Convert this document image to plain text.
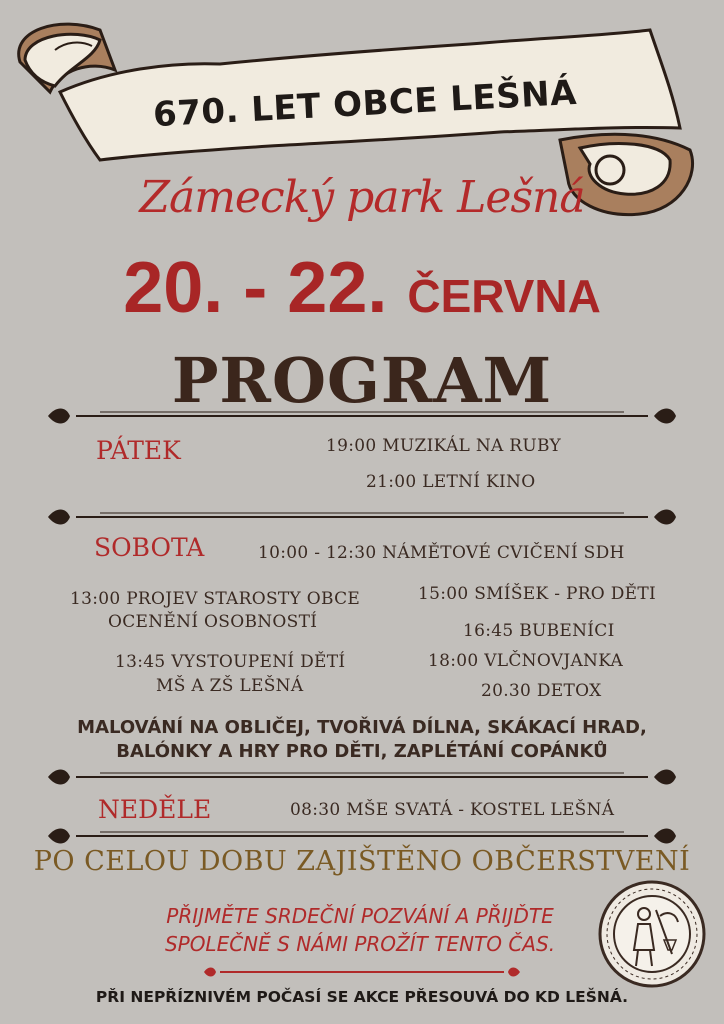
670. LET OBCE LEŠNÁ
Zámecký park Lešná
20. - 22. ČERVNA
PROGRAM
PÁTEK	19:00 MUZIKÁL NA RUBY
21:00 LETNÍ KINO
SOBOTA	10:00 - 12:30 NÁMĚTOVÉ CVIČENÍ SDH
13:00 PROJEV STAROSTY OBCE
OCENĚNÍ OSOBNOSTÍ
15:00 SMÍŠEK - PRO DĚTI
16:45 BUBENÍCI
13:45 VYSTOUPENÍ DĚTÍ
MŠ A ZŠ LEŠNÁ
18:00 VLČNOVJANKA
20.30 DETOX
MALOVÁNÍ NA OBLIČEJ, TVOŘIVÁ DÍLNA, SKÁKACÍ HRAD,
BALÓNKY A HRY PRO DĚTI, ZAPLÉTÁNÍ COPÁNKŮ
NEDĚLE	08:30 MŠE SVATÁ - KOSTEL LEŠNÁ
PO CELOU DOBU ZAJIŠTĚNO OBČERSTVENÍ
PŘIJMĚTE SRDEČNÍ POZVÁNÍ A PŘIJĎTE
SPOLEČNĚ S NÁMI PROŽÍT TENTO ČAS.
PŘI NEPŘÍZNIVÉM POČASÍ SE AKCE PŘESOUVÁ DO KD LEŠNÁ.
